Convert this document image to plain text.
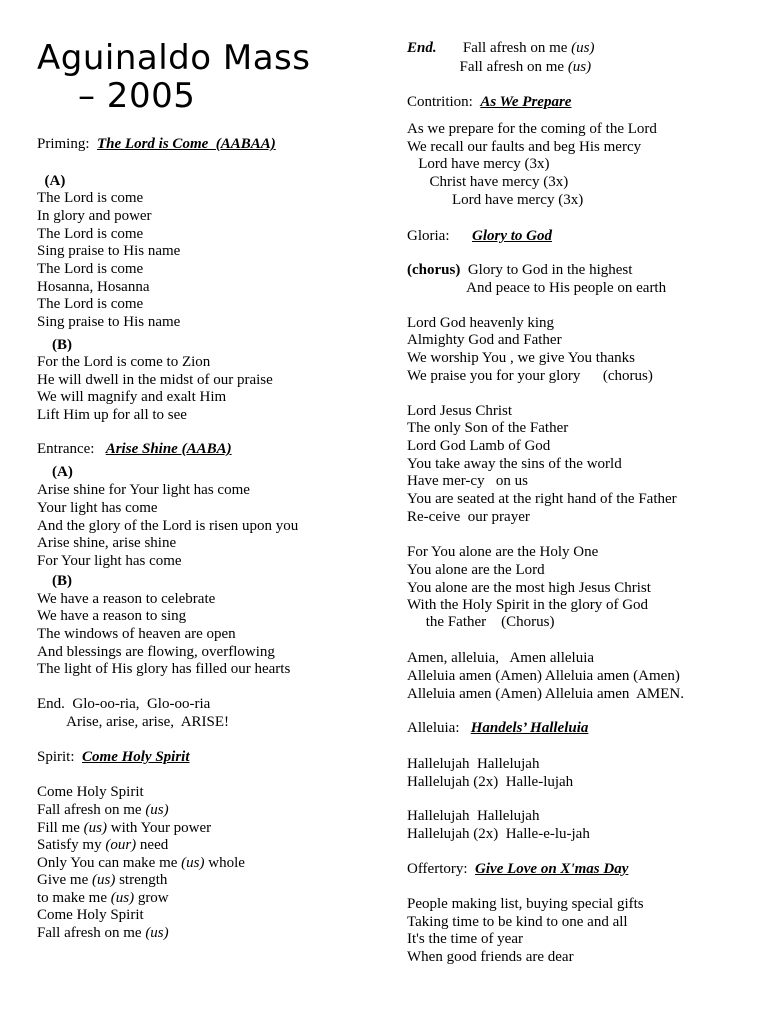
Aguinaldo Mass
– 2005
Priming:  The Lord is Come  (AABAA)
(A)
The Lord is come
In glory and power
The Lord is come
Sing praise to His name
The Lord is come
Hosanna, Hosanna
The Lord is come
Sing praise to His name
(B)
For the Lord is come to Zion
He will dwell in the midst of our praise
We will magnify and exalt Him
Lift Him up for all to see
Entrance:   Arise Shine (AABA)
(A)
Arise shine for Your light has come
Your light has come
And the glory of the Lord is risen upon you
Arise shine, arise shine
For Your light has come
(B)
We have a reason to celebrate
We have a reason to sing
The windows of heaven are open
And blessings are flowing, overflowing
The light of His glory has filled our hearts
End.  Glo-oo-ria,  Glo-oo-ria
Arise, arise, arise,  ARISE!
Spirit:  Come Holy Spirit
Come Holy Spirit
Fall afresh on me (us)
Fill me (us) with Your power
Satisfy my (our) need
Only You can make me (us) whole
Give me (us) strength
to make me (us) grow
Come Holy Spirit
Fall afresh on me (us)
End.       Fall afresh on me (us)
Fall afresh on me (us)
Contrition:  As We Prepare
As we prepare for the coming of the Lord
We recall our faults and beg His mercy
Lord have mercy (3x)
Christ have mercy (3x)
Lord have mercy (3x)
Gloria:      Glory to God
(chorus)  Glory to God in the highest
And peace to His people on earth
Lord God heavenly king
Almighty God and Father
We worship You , we give You thanks
We praise you for your glory      (chorus)
Lord Jesus Christ
The only Son of the Father
Lord God Lamb of God
You take away the sins of the world
Have mer-cy   on us
You are seated at the right hand of the Father
Re-ceive  our prayer
For You alone are the Holy One
You alone are the Lord
You alone are the most high Jesus Christ
With the Holy Spirit in the glory of God
the Father    (Chorus)
Amen, alleluia,   Amen alleluia
Alleluia amen (Amen) Alleluia amen (Amen)
Alleluia amen (Amen) Alleluia amen  AMEN.
Alleluia:   Handels’ Halleluia
Hallelujah  Hallelujah
Hallelujah (2x)  Halle-lujah
Hallelujah  Hallelujah
Hallelujah (2x)  Halle-e-lu-jah
Offertory:  Give Love on X'mas Day
People making list, buying special gifts
Taking time to be kind to one and all
It's the time of year
When good friends are dear
